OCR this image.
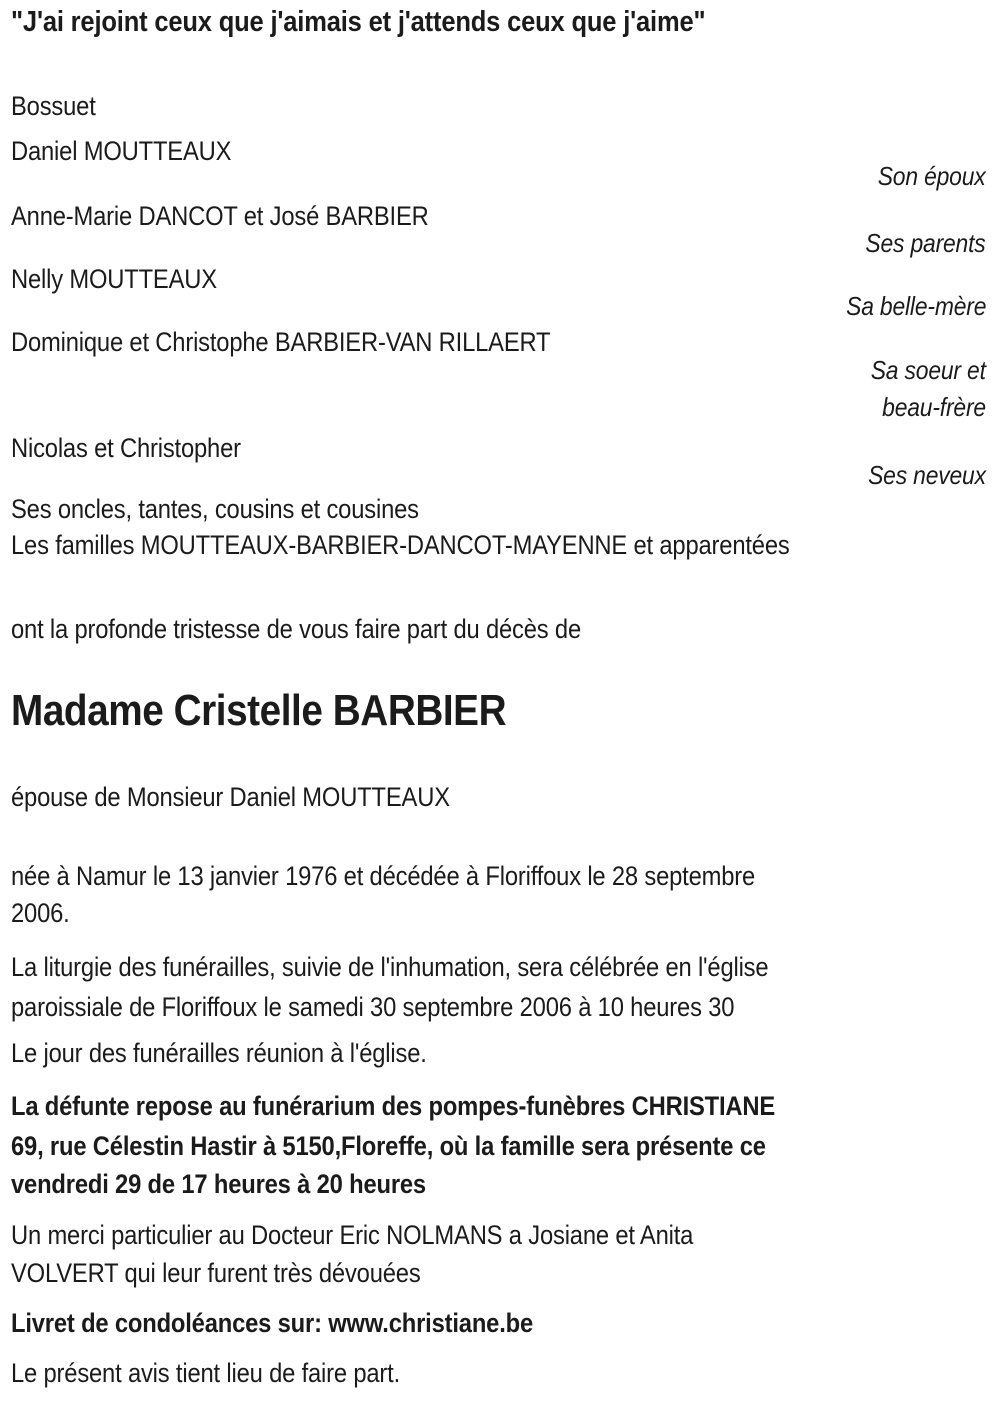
"J'ai rejoint ceux que j'aimais et j'attends ceux que j'aime"
Bossuet
Daniel MOUTTEAUX
Son époux
Anne-Marie DANCOT et José BARBIER
Ses parents
Nelly MOUTTEAUX
Sa belle-mère
Dominique et Christophe BARBIER-VAN RILLAERT
Sa soeur et
beau-frère
Nicolas et Christopher
Ses neveux
Ses oncles, tantes, cousins et cousines
Les familles MOUTTEAUX-BARBIER-DANCOT-MAYENNE et apparentées
ont la profonde tristesse de vous faire part du décès de
Madame Cristelle BARBIER
épouse de Monsieur Daniel MOUTTEAUX
née à Namur le 13 janvier 1976 et décédée à Floriffoux le 28 septembre
2006.
La liturgie des funérailles, suivie de l'inhumation, sera célébrée en l'église
paroissiale de Floriffoux le samedi 30 septembre 2006 à 10 heures 30
Le jour des funérailles réunion à l'église.
La défunte repose au funérarium des pompes-funèbres CHRISTIANE
69, rue Célestin Hastir à 5150,Floreffe, où la famille sera présente ce
vendredi 29 de 17 heures à 20 heures
Un merci particulier au Docteur Eric NOLMANS a Josiane et Anita
VOLVERT qui leur furent très dévouées
Livret de condoléances sur: www.christiane.be
Le présent avis tient lieu de faire part.
